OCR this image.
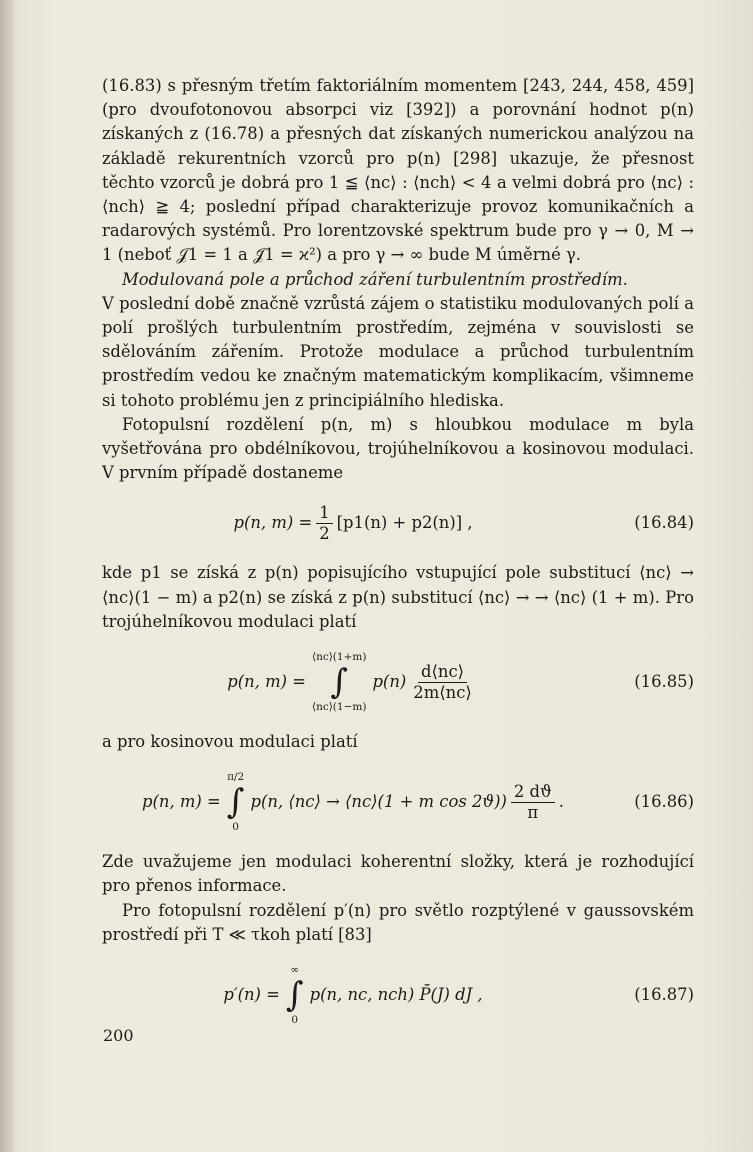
(16.83) s přesným třetím faktoriálním momentem [243, 244, 458, 459] (pro dvoufotonovou absorpci viz [392]) a porovnání hodnot p(n) získaných z (16.78) a přesných dat získaných numerickou analýzou na základě rekurentních vzorců pro p(n) [298] ukazuje, že přesnost těchto vzorců je dobrá pro 1 ≦ ⟨nc⟩ : ⟨nch⟩ < 4 a velmi dobrá pro ⟨nc⟩ : ⟨nch⟩ ≧ 4; poslední případ charakterizuje provoz komunikačních a radarových systémů. Pro lorentzovské spektrum bude pro γ → 0, M → 1 (neboť 𝒥1 = 1 a 𝒥̄1 = ϰ²) a pro γ → ∞ bude M úměrné γ.

Modulovaná pole a průchod záření turbulentním prostředím.

V poslední době značně vzrůstá zájem o statistiku modulovaných polí a polí prošlých turbulentním prostředím, zejména v souvislosti se sdělováním zářením. Protože modulace a průchod turbulentním prostředím vedou ke značným matematickým komplikacím, všimneme si tohoto problému jen z principiálního hlediska.

Fotopulsní rozdělení p(n, m) s hloubkou modulace m byla vyšetřována pro obdélníkovou, trojúhelníkovou a kosinovou modulaci. V prvním případě dostaneme

p(n, $m) = \frac{1}{2} [p1(n) + p2(n)]$ ,	(16.84)

kde p1 se získá z p(n) popisujícího vstupující pole substitucí ⟨nc⟩ → ⟨nc⟩(1 − m) a p2(n) se získá z p(n) substitucí ⟨nc⟩ → → ⟨nc⟩ (1 + m). Pro trojúhelníkovou modulaci platí

p(n, m) =
⟨nc⟩(1+m)
∫
⟨nc⟩(1−m)
$p(n) \frac{d⟨nc⟩}{2m⟨nc⟩}$	(16.85)

a pro kosinovou modulaci platí

p(n, m) =
π/2
∫
0
p(n, ⟨nc⟩ → ⟨nc⟩(1 + m $\cos 2ϑ)) \frac{2 dϑ}{\pi}$ .	(16.86)

Zde uvažujeme jen modulaci koherentní složky, která je rozhodující pro přenos informace.

Pro fotopulsní rozdělení p′(n) pro světlo rozptýlené v gaussovském prostředí při T ≪ τkoh platí [83]

p′(n) =
∞
∫
0
p(n, nc, nch) P̄(J) dJ ,	(16.87)
200
